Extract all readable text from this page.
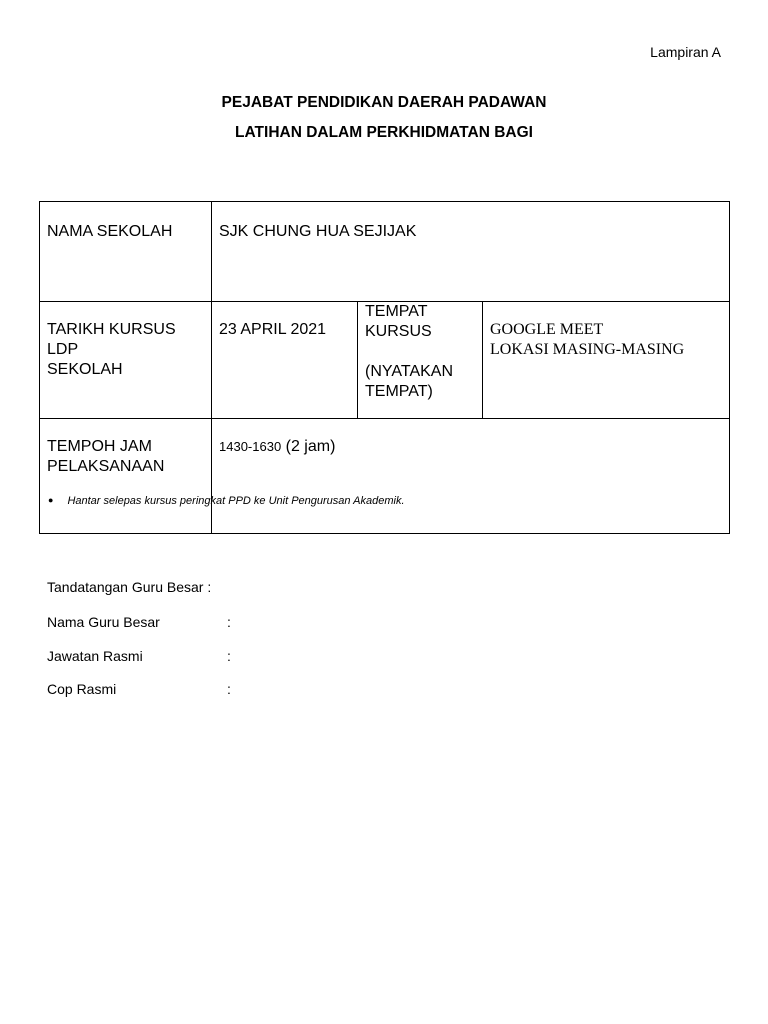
Lampiran A
PEJABAT PENDIDIKAN DAERAH PADAWAN
LATIHAN DALAM PERKHIDMATAN BAGI
NAMA SEKOLAH	SJK CHUNG HUA SEJIJAK		
TARIKH KURSUS
LDP
SEKOLAH	23 APRIL 2021	TEMPAT
KURSUS

(NYATAKAN
TEMPAT)	GOOGLE MEET
LOKASI MASING-MASING
TEMPOH JAM
PELAKSANAAN	1430-1630 (2 jam)		
● Hantar selepas kursus peringkat PPD ke Unit Pengurusan Akademik.
Tandatangan Guru Besar :
Nama Guru Besar	:
Jawatan Rasmi	:
Cop Rasmi	:
